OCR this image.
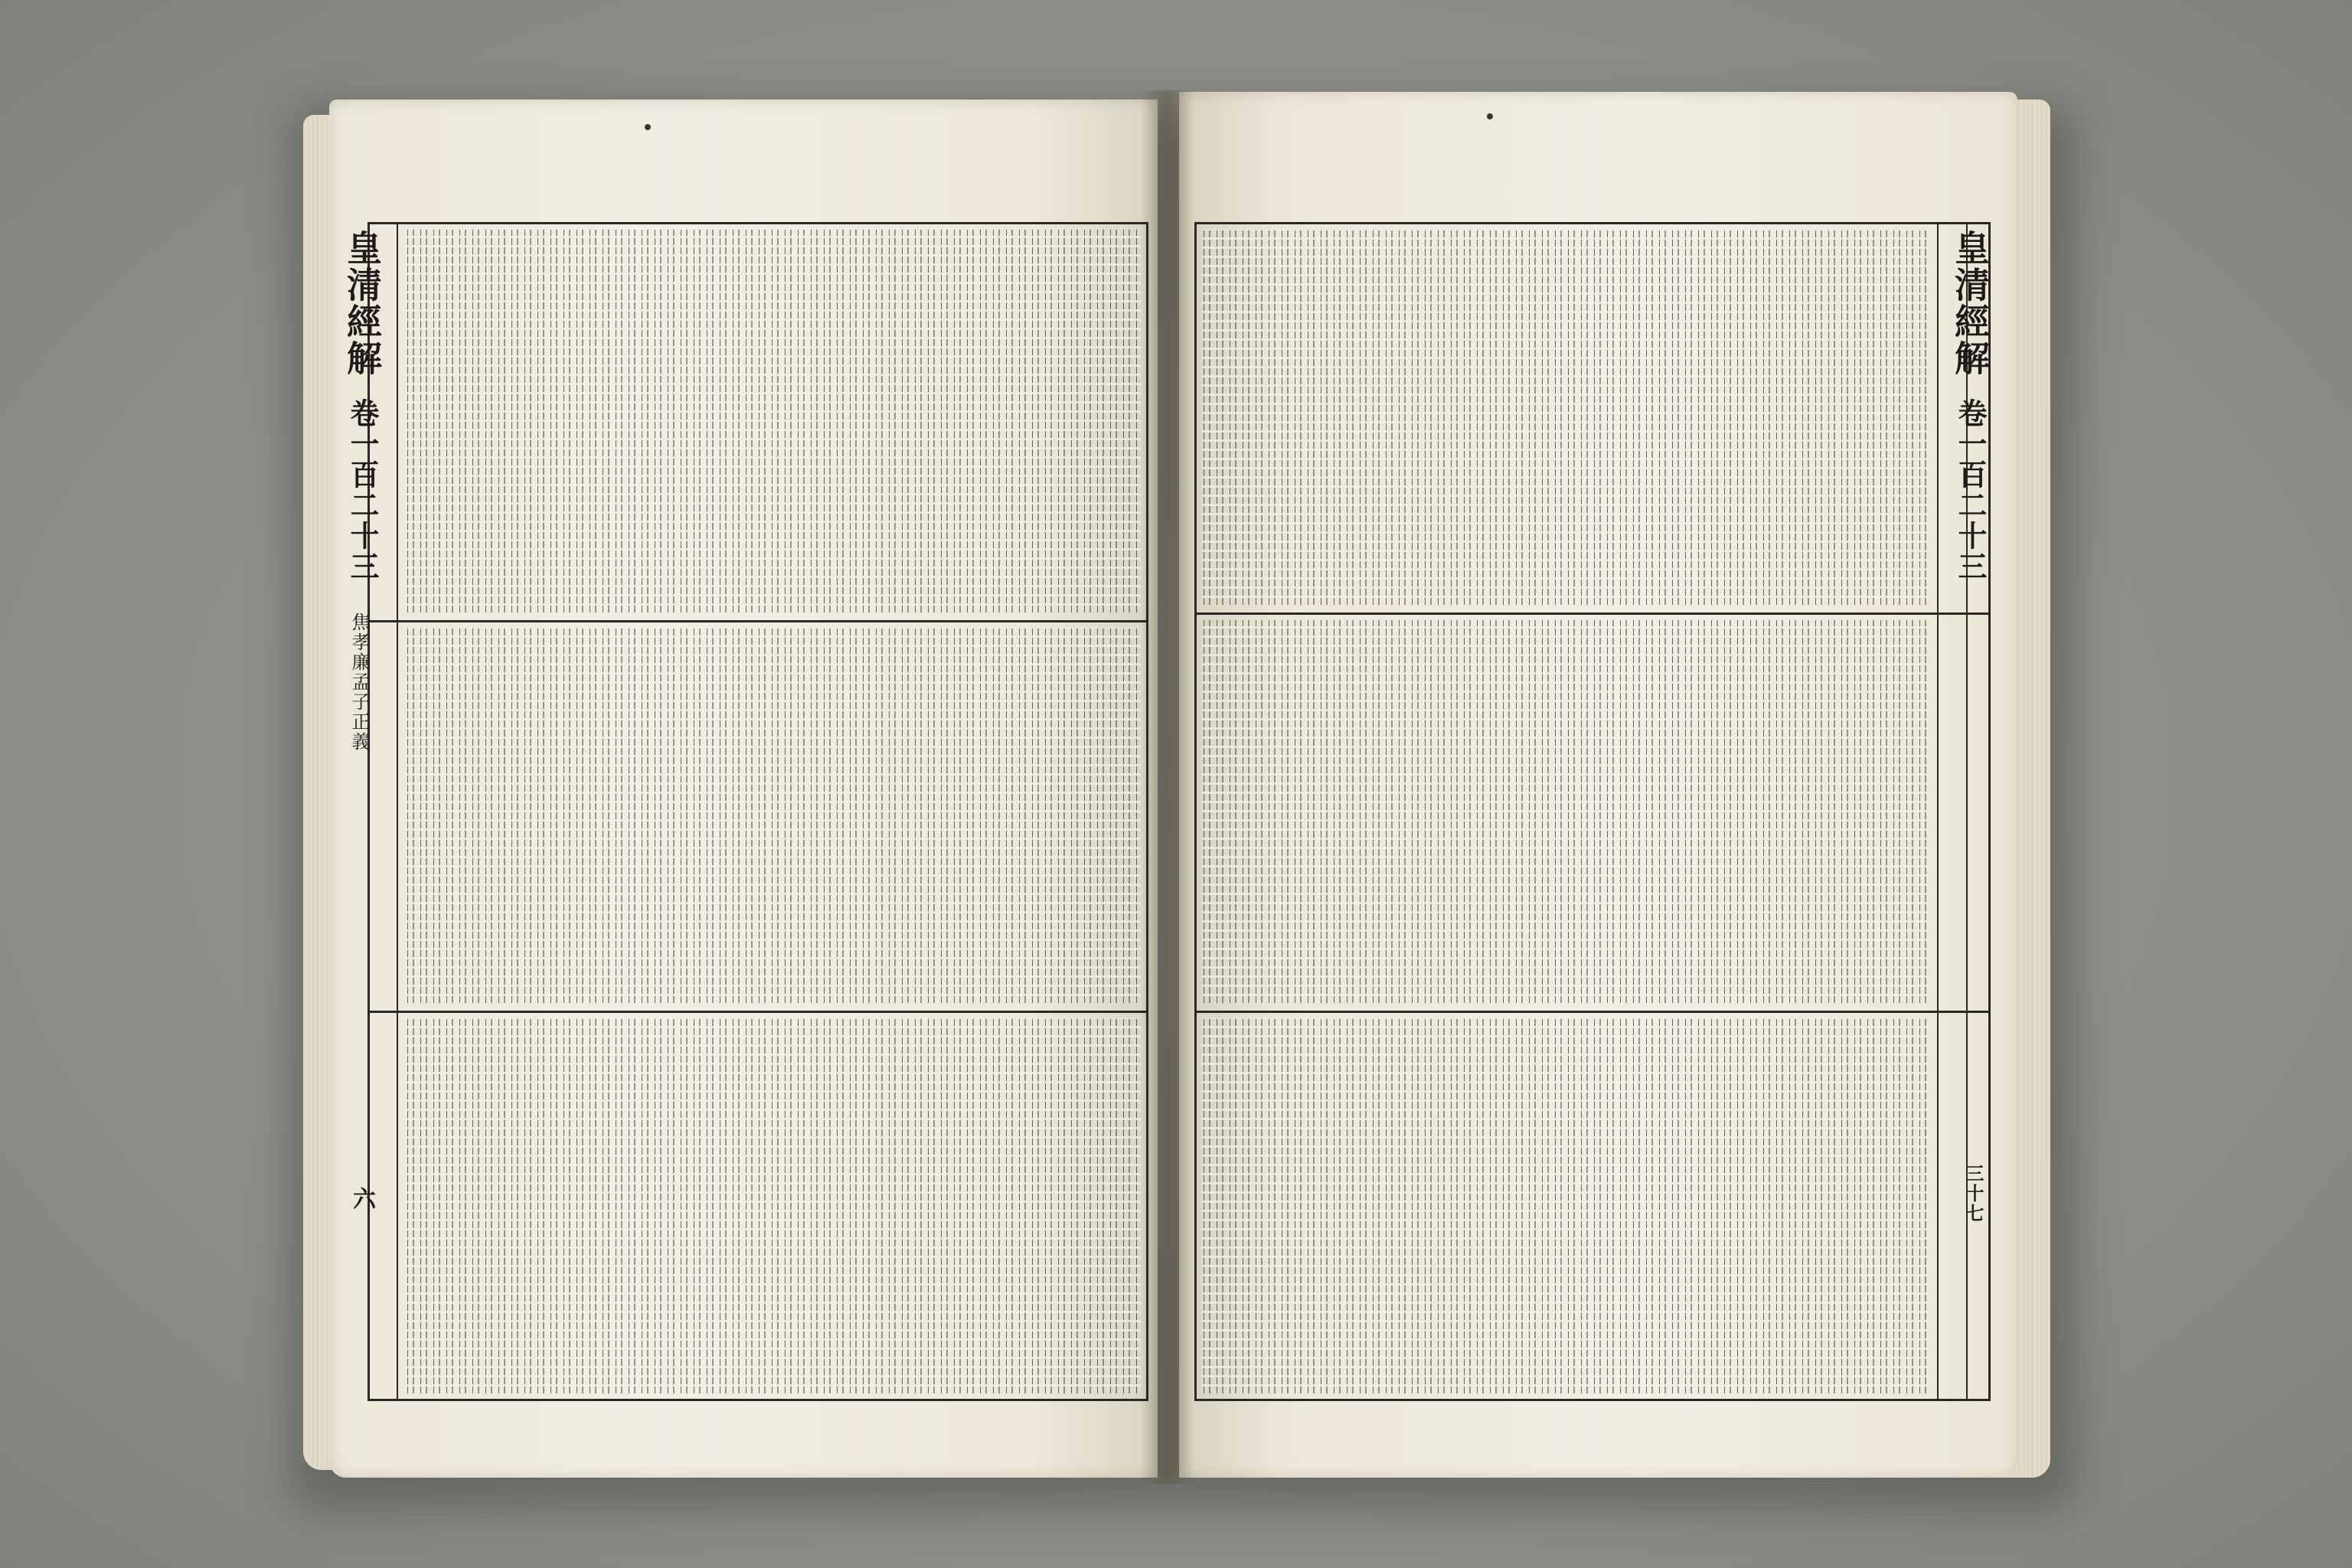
皇清經解
卷一百二十三
焦孝廉孟子正義
六
皇清經解
卷一百二十三
三十七
